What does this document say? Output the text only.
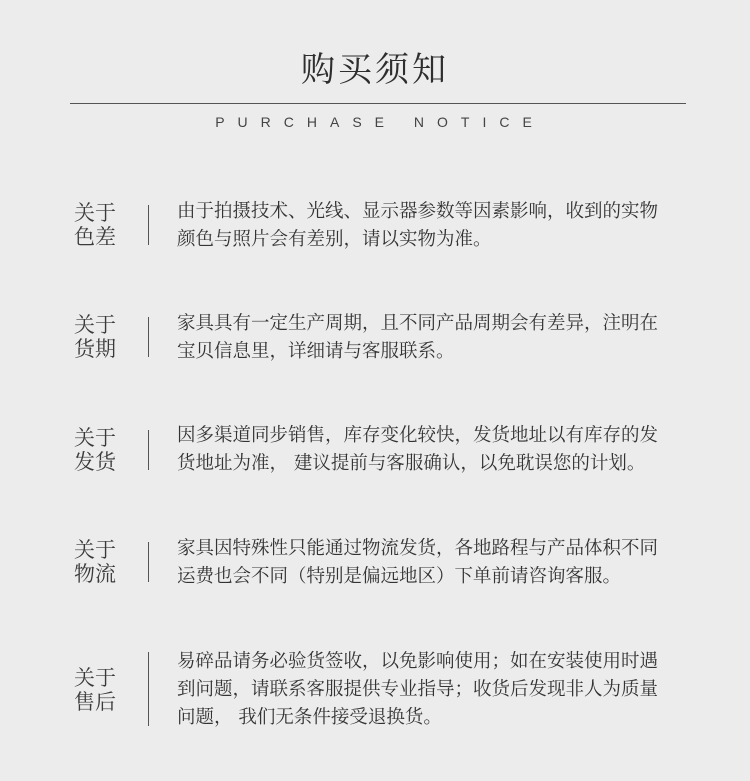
购买须知
PURCHASE NOTICE
关于
色差
由于拍摄技术、光线、显示器参数等因素影响，收到的实物
颜色与照片会有差别，请以实物为准。
关于
货期
家具具有一定生产周期，且不同产品周期会有差异，注明在
宝贝信息里，详细请与客服联系。
关于
发货
因多渠道同步销售，库存变化较快，发货地址以有库存的发
货地址为准， 建议提前与客服确认，以免耽误您的计划。
关于
物流
家具因特殊性只能通过物流发货，各地路程与产品体积不同
运费也会不同（特别是偏远地区）下单前请咨询客服。
关于
售后
易碎品请务必验货签收，以免影响使用；如在安装使用时遇
到问题，请联系客服提供专业指导；收货后发现非人为质量
问题， 我们无条件接受退换货。
